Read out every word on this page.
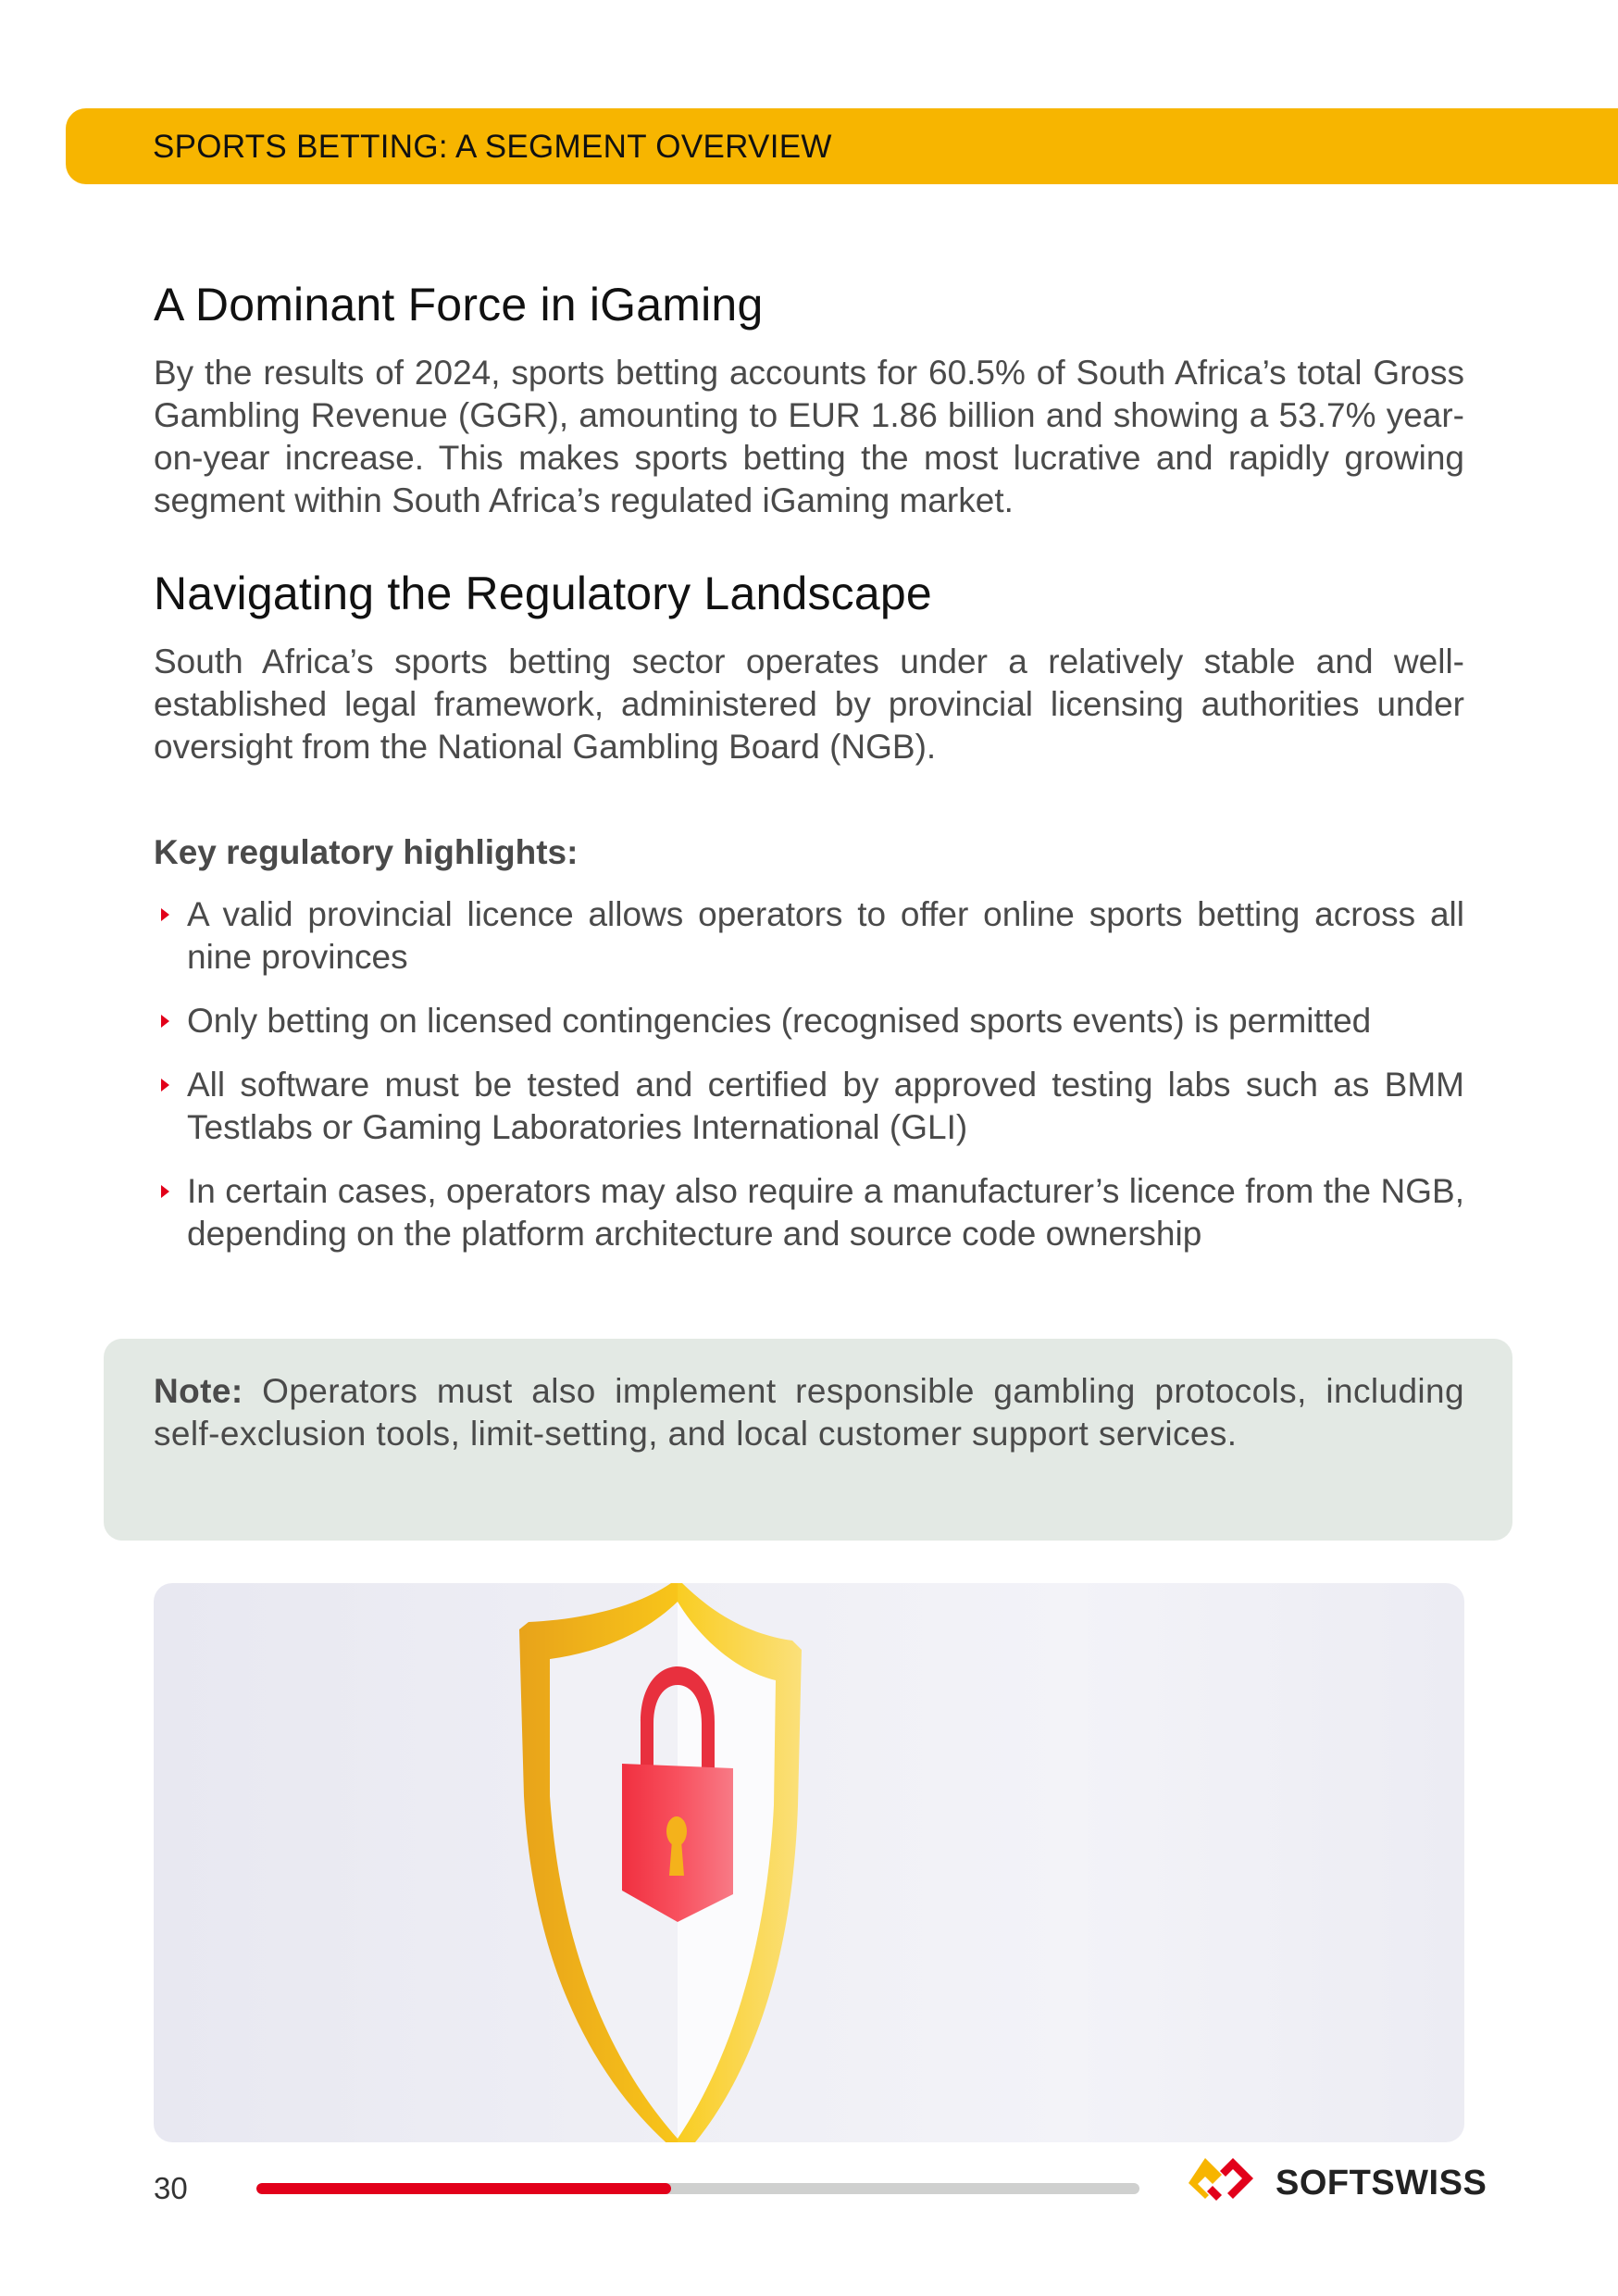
SPORTS BETTING: A SEGMENT OVERVIEW
A Dominant Force in iGaming

By the results of 2024, sports betting accounts for 60.5% of South Africa’s total Gross Gambling Revenue (GGR), amounting to EUR 1.86 billion and showing a 53.7% year-on-year increase. This makes sports betting the most lucrative and rapidly growing segment within South Africa’s regulated iGaming market.

Navigating the Regulatory Landscape

South Africa’s sports betting sector operates under a relatively stable and well-established legal framework, administered by provincial licensing authorities under oversight from the National Gambling Board (NGB).

Key regulatory highlights:
A valid provincial licence allows operators to offer online sports betting across all nine provinces
Only betting on licensed contingencies (recognised sports events) is permitted
All software must be tested and certified by approved testing labs such as BMM Testlabs or Gaming Laboratories International (GLI)
In certain cases, operators may also require a manufacturer’s licence from the NGB, depending on the platform architecture and source code ownership
Note: Operators must also implement responsible gambling protocols, including self-exclusion tools, limit-setting, and local customer support services.
30	SOFTSWISS
